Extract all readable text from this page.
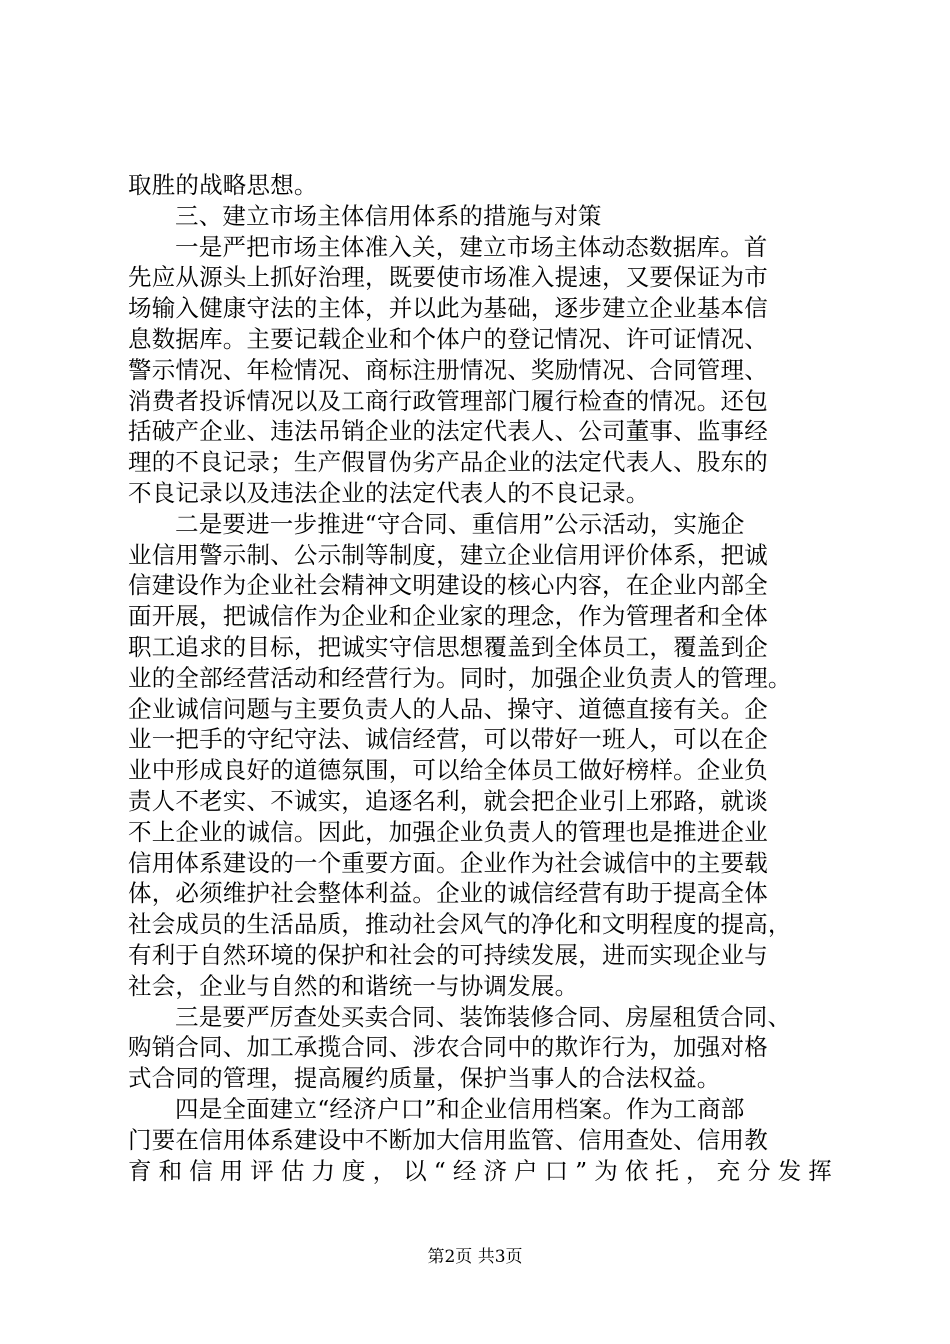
取胜的战略思想。
三、建立市场主体信用体系的措施与对策
一是严把市场主体准入关，建立市场主体动态数据库。首
先应从源头上抓好治理，既要使市场准入提速，又要保证为市
场输入健康守法的主体，并以此为基础，逐步建立企业基本信
息数据库。主要记载企业和个体户的登记情况、许可证情况、
警示情况、年检情况、商标注册情况、奖励情况、合同管理、
消费者投诉情况以及工商行政管理部门履行检查的情况。还包
括破产企业、违法吊销企业的法定代表人、公司董事、监事经
理的不良记录；生产假冒伪劣产品企业的法定代表人、股东的
不良记录以及违法企业的法定代表人的不良记录。
二是要进一步推进“守合同、重信用”公示活动，实施企
业信用警示制、公示制等制度，建立企业信用评价体系，把诚
信建设作为企业社会精神文明建设的核心内容，在企业内部全
面开展，把诚信作为企业和企业家的理念，作为管理者和全体
职工追求的目标，把诚实守信思想覆盖到全体员工，覆盖到企
业的全部经营活动和经营行为。同时，加强企业负责人的管理。
企业诚信问题与主要负责人的人品、操守、道德直接有关。企
业一把手的守纪守法、诚信经营，可以带好一班人，可以在企
业中形成良好的道德氛围，可以给全体员工做好榜样。企业负
责人不老实、不诚实，追逐名利，就会把企业引上邪路，就谈
不上企业的诚信。因此，加强企业负责人的管理也是推进企业
信用体系建设的一个重要方面。企业作为社会诚信中的主要载
体，必须维护社会整体利益。企业的诚信经营有助于提高全体
社会成员的生活品质，推动社会风气的净化和文明程度的提高，
有利于自然环境的保护和社会的可持续发展，进而实现企业与
社会，企业与自然的和谐统一与协调发展。
三是要严厉查处买卖合同、装饰装修合同、房屋租赁合同、
购销合同、加工承揽合同、涉农合同中的欺诈行为，加强对格
式合同的管理，提高履约质量，保护当事人的合法权益。
四是全面建立“经济户口”和企业信用档案。作为工商部
门要在信用体系建设中不断加大信用监管、信用查处、信用教
育和信用评估力度，以“经济户口”为依托，充分发挥
第2页 共3页
